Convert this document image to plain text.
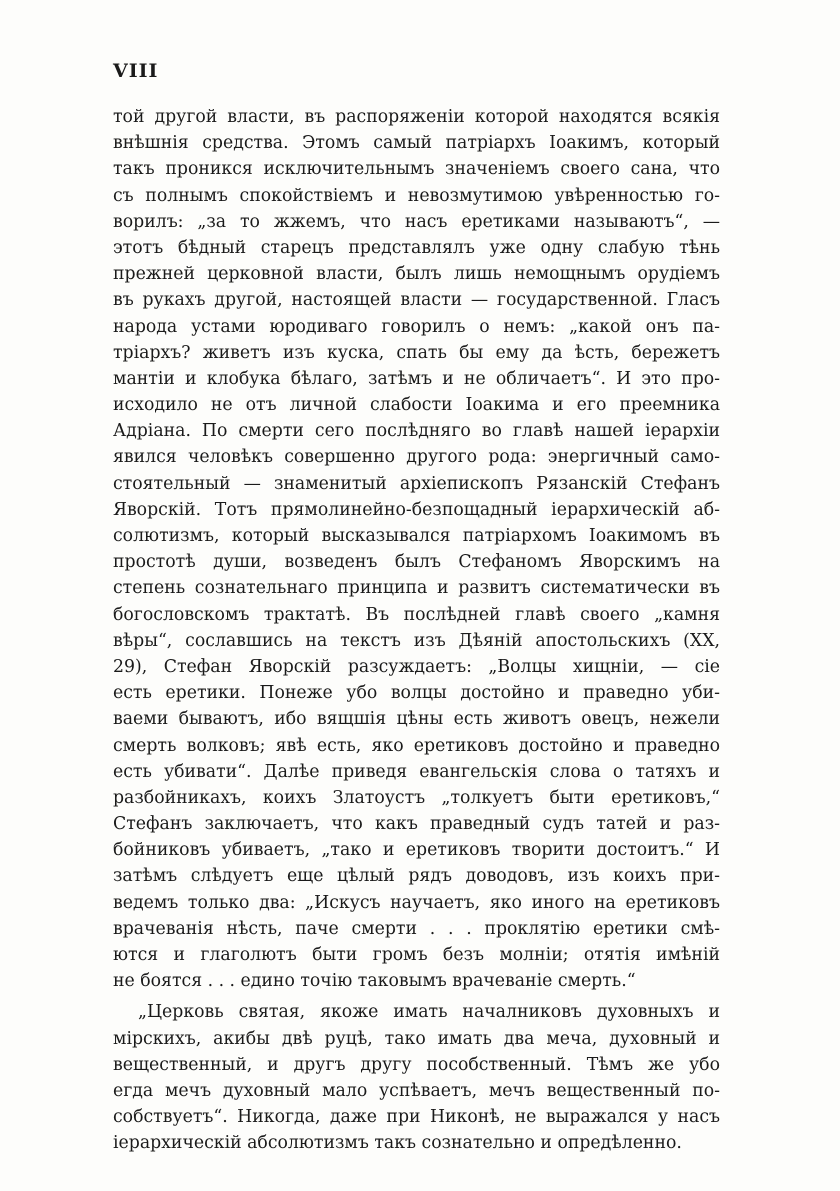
VIII

той другой власти, въ распоряженіи которой находятся всякія
внѣшнія средства. Этомъ самый патріархъ Іоакимъ, который
такъ проникся исключительнымъ значеніемъ своего сана, что
съ полнымъ спокойствіемъ и невозмутимою увѣренностью го-
ворилъ: „за то жжемъ, что насъ еретиками называютъ“, —
этотъ бѣдный старецъ представлялъ уже одну слабую тѣнь
прежней церковной власти, былъ лишь немощнымъ орудіемъ
въ рукахъ другой, настоящей власти — государственной. Гласъ
народа устами юродиваго говорилъ о немъ: „какой онъ па-
тріархъ? живетъ изъ куска, спать бы ему да ѣсть, бережетъ
мантіи и клобука бѣлаго, затѣмъ и не обличаетъ“. И это про-
исходило не отъ личной слабости Іоакима и его преемника
Адріана. По смерти сего послѣдняго во главѣ нашей іерархіи
явился человѣкъ совершенно другого рода: энергичный само-
стоятельный — знаменитый архіепископъ Рязанскій Стефанъ
Яворскій. Тотъ прямолинейно-безпощадный іерархическій аб-
солютизмъ, который высказывался патріархомъ Іоакимомъ въ
простотѣ души, возведенъ былъ Стефаномъ Яворскимъ на
степень сознательнаго принципа и развитъ систематически въ
богословскомъ трактатѣ. Въ послѣдней главѣ своего „камня
вѣры“, сославшись на текстъ изъ Дѣяній апостольскихъ (XX,
29), Стефан Яворскій разсуждаетъ: „Волцы хищніи, — сіе
есть еретики. Понеже убо волцы достойно и праведно уби-
ваеми бываютъ, ибо вящшія цѣны есть животъ овецъ, нежели
смерть волковъ; явѣ есть, яко еретиковъ достойно и праведно
есть убивати“. Далѣе приведя евангельскія слова о татяхъ и
разбойникахъ, коихъ Златоустъ „толкуетъ быти еретиковъ,“
Стефанъ заключаетъ, что какъ праведный судъ татей и раз-
бойниковъ убиваетъ, „тако и еретиковъ творити достоитъ.“ И
затѣмъ слѣдуетъ еще цѣлый рядъ доводовъ, изъ коихъ при-
ведемъ только два: „Искусъ научаетъ, яко иного на еретиковъ
врачеванія нѣсть, паче смерти . . . проклятію еретики смѣ-
ются и глаголютъ быти громъ безъ молніи; отятія имѣній
не боятся . . . едино точію таковымъ врачеваніе смерть.“
„Церковь святая, якоже имать началниковъ духовныхъ и
мірскихъ, акибы двѣ руцѣ, тако имать два меча, духовный и
вещественный, и другъ другу пособственный. Тѣмъ же убо
егда мечъ духовный мало успѣваетъ, мечъ вещественный по-
собствуетъ“. Никогда, даже при Никонѣ, не выражался у насъ
іерархическій абсолютизмъ такъ сознательно и опредѣленно.
